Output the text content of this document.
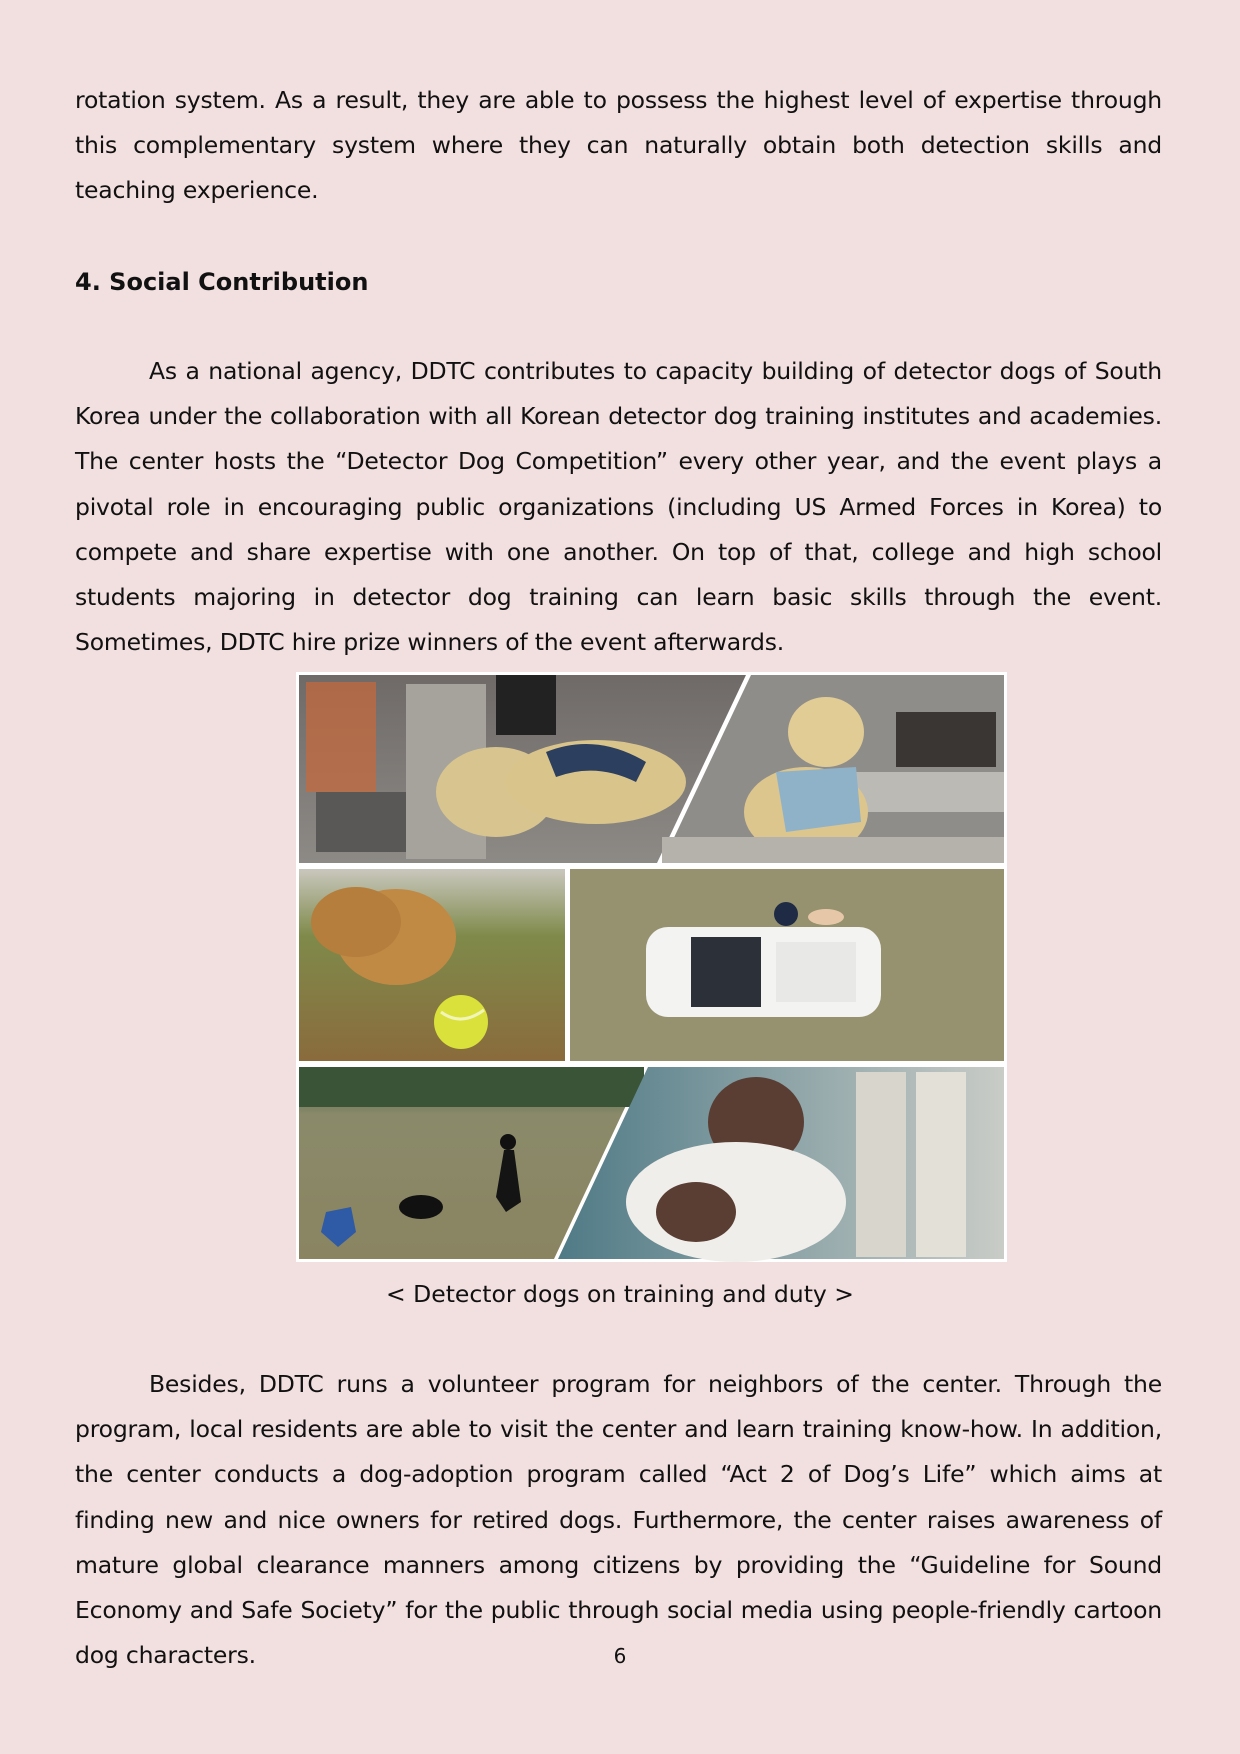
rotation system. As a result, they are able to possess the highest level of expertise through this complementary system where they can naturally obtain both detection skills and teaching experience.

4. Social Contribution

As a national agency, DDTC contributes to capacity building of detector dogs of South Korea under the collaboration with all Korean detector dog training institutes and academies. The center hosts the “Detector Dog Competition” every other year, and the event plays a pivotal role in encouraging public organizations (including US Armed Forces in Korea) to compete and share expertise with one another. On top of that, college and high school students majoring in detector dog training can learn basic skills through the event. Sometimes, DDTC hire prize winners of the event afterwards.

Besides, DDTC runs a volunteer program for neighbors of the center. Through the program, local residents are able to visit the center and learn training know-how. In addition, the center conducts a dog-adoption program called “Act 2 of Dog’s Life” which aims at finding new and nice owners for retired dogs. Furthermore, the center raises awareness of mature global clearance manners among citizens by providing the “Guideline for Sound Economy and Safe Society” for the public through social media using people-friendly cartoon dog characters.

< Detector dogs on training and duty >

6
